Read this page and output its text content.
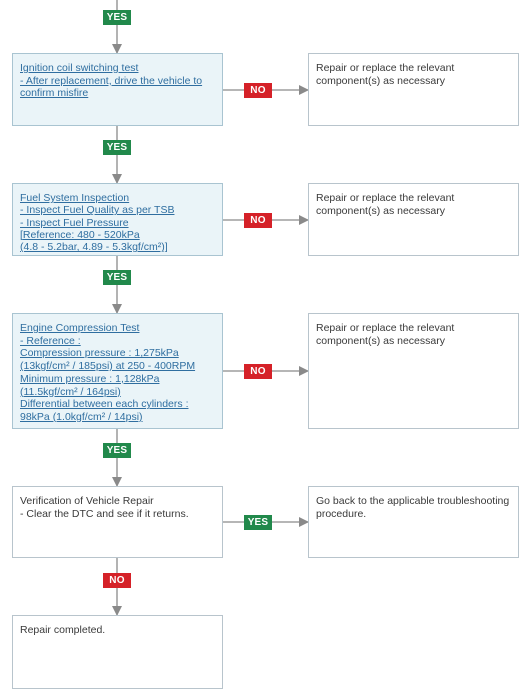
Ignition coil switching test
- After replacement, drive the vehicle to
confirm misfire
Fuel System Inspection
- Inspect Fuel Quality as per TSB
- Inspect Fuel Pressure
[Reference: 480 - 520kPa
(4.8 - 5.2bar, 4.89 - 5.3kgf/cm²)]
Engine Compression Test
- Reference :
Compression pressure : 1,275kPa
(13kgf/cm² / 185psi) at 250 - 400RPM
Minimum pressure : 1,128kPa
(11.5kgf/cm² / 164psi)
Differential between each cylinders :
98kPa (1.0kgf/cm² / 14psi)
Verification of Vehicle Repair
- Clear the DTC and see if it returns.
Repair completed.
Repair or replace the relevant component(s) as necessary
Repair or replace the relevant component(s) as necessary
Repair or replace the relevant component(s) as necessary
Go back to the applicable troubleshooting procedure.
YES
YES
YES
YES
NO
NO
NO
NO
YES
